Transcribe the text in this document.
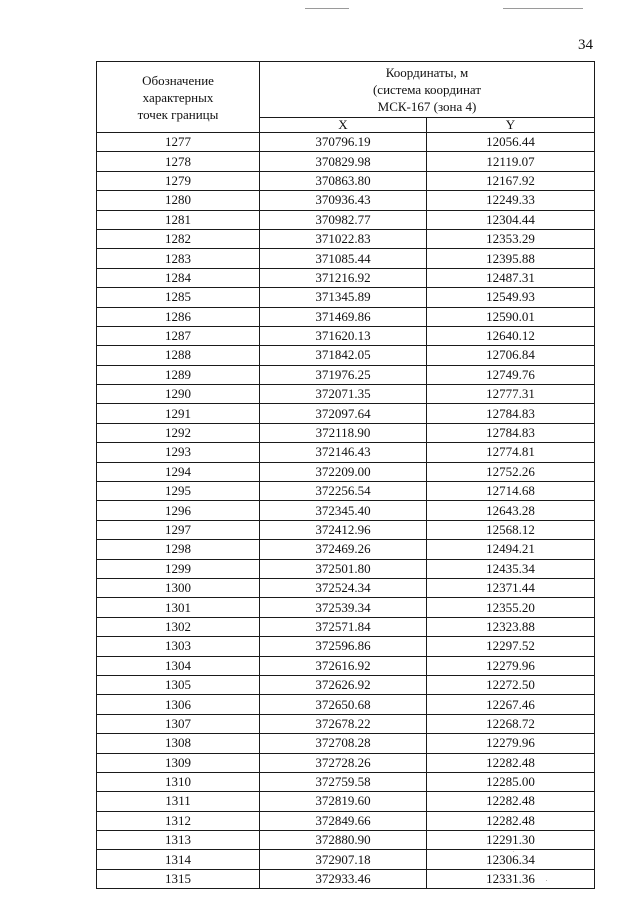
34
Обозначение
характерных
точек границы	Координаты, м
(система координат
МСК-167 (зона 4)	

	X	Y
1277	370796.19	12056.44
1278	370829.98	12119.07
1279	370863.80	12167.92
1280	370936.43	12249.33
1281	370982.77	12304.44
1282	371022.83	12353.29
1283	371085.44	12395.88
1284	371216.92	12487.31
1285	371345.89	12549.93
1286	371469.86	12590.01
1287	371620.13	12640.12
1288	371842.05	12706.84
1289	371976.25	12749.76
1290	372071.35	12777.31
1291	372097.64	12784.83
1292	372118.90	12784.83
1293	372146.43	12774.81
1294	372209.00	12752.26
1295	372256.54	12714.68
1296	372345.40	12643.28
1297	372412.96	12568.12
1298	372469.26	12494.21
1299	372501.80	12435.34
1300	372524.34	12371.44
1301	372539.34	12355.20
1302	372571.84	12323.88
1303	372596.86	12297.52
1304	372616.92	12279.96
1305	372626.92	12272.50
1306	372650.68	12267.46
1307	372678.22	12268.72
1308	372708.28	12279.96
1309	372728.26	12282.48
1310	372759.58	12285.00
1311	372819.60	12282.48
1312	372849.66	12282.48
1313	372880.90	12291.30
1314	372907.18	12306.34
1315	372933.46	12331.36
